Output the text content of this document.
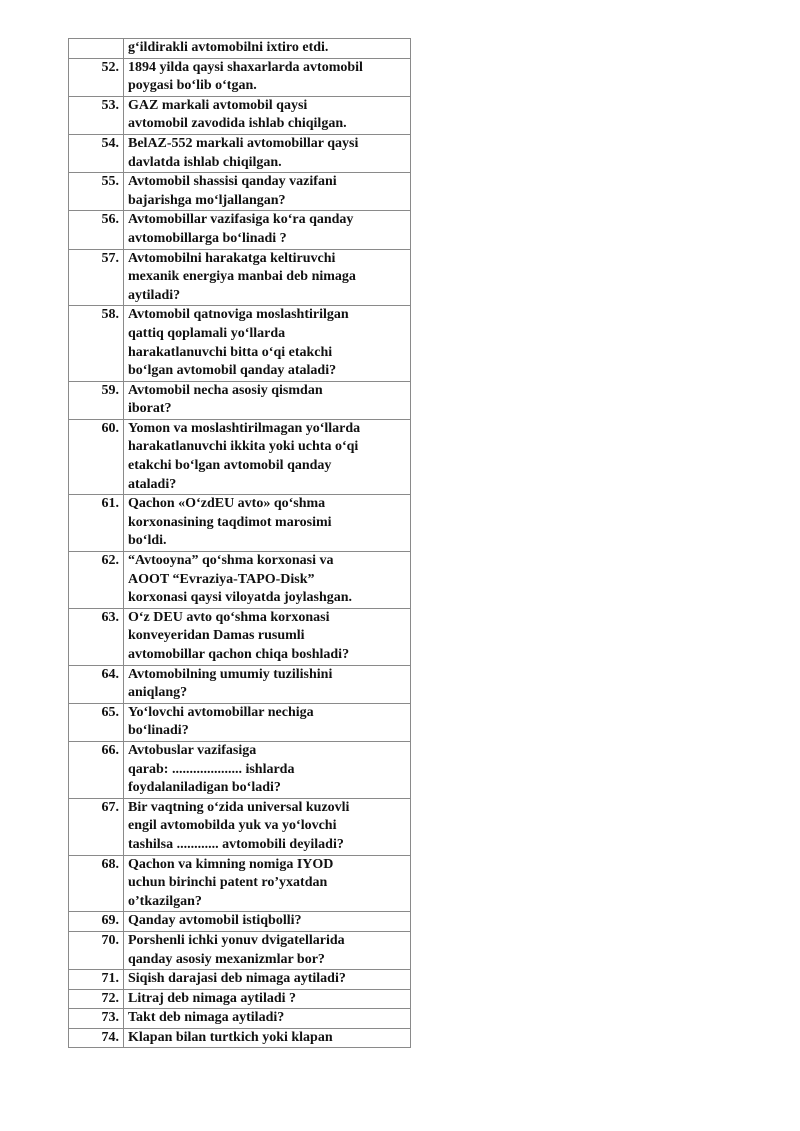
	g‘ildirakli avtomobilni ixtiro etdi.
52.	1894 yilda qaysi shaxarlarda avtomobil
poygasi bo‘lib o‘tgan.
53.	GAZ markali avtomobil qaysi
avtomobil zavodida ishlab chiqilgan.
54.	BelAZ-552 markali avtomobillar qaysi
davlatda ishlab chiqilgan.
55.	Avtomobil shassisi qanday vazifani
bajarishga mo‘ljallangan?
56.	Avtomobillar vazifasiga ko‘ra qanday
avtomobillarga bo‘linadi ?
57.	Avtomobilni harakatga keltiruvchi
mexanik energiya manbai deb nimaga
aytiladi?
58.	Avtomobil qatnoviga moslashtirilgan
qattiq qoplamali yo‘llarda
harakatlanuvchi bitta o‘qi etakchi
bo‘lgan avtomobil qanday ataladi?
59.	Avtomobil necha asosiy qismdan
iborat?
60.	Yomon va moslashtirilmagan yo‘llarda
harakatlanuvchi ikkita yoki uchta o‘qi
etakchi bo‘lgan avtomobil qanday
ataladi?
61.	Qachon «O‘zdEU avto» qo‘shma
korxonasining taqdimot marosimi
bo‘ldi.
62.	“Avtooyna” qo‘shma korxonasi va
AOOT “Evraziya-TAPO-Disk”
korxonasi qaysi viloyatda joylashgan.
63.	O‘z DEU avto qo‘shma korxonasi
konveyeridan Damas rusumli
avtomobillar qachon chiqa boshladi?
64.	Avtomobilning umumiy tuzilishini
aniqlang?
65.	Yo‘lovchi avtomobillar nechiga
bo‘linadi?
66.	Avtobuslar vazifasiga
qarab: .................... ishlarda
foydalaniladigan bo‘ladi?
67.	Bir vaqtning o‘zida universal kuzovli
engil avtomobilda yuk va yo‘lovchi
tashilsa ............ avtomobili deyiladi?
68.	Qachon va kimning nomiga IYOD
uchun birinchi patent ro’yxatdan
o’tkazilgan?
69.	Qanday avtomobil istiqbolli?
70.	Porshenli ichki yonuv dvigatellarida
qanday asosiy mexanizmlar bor?
71.	Siqish darajasi deb nimaga aytiladi?
72.	Litraj deb nimaga aytiladi ?
73.	Takt deb nimaga aytiladi?
74.	Klapan bilan turtkich yoki klapan
